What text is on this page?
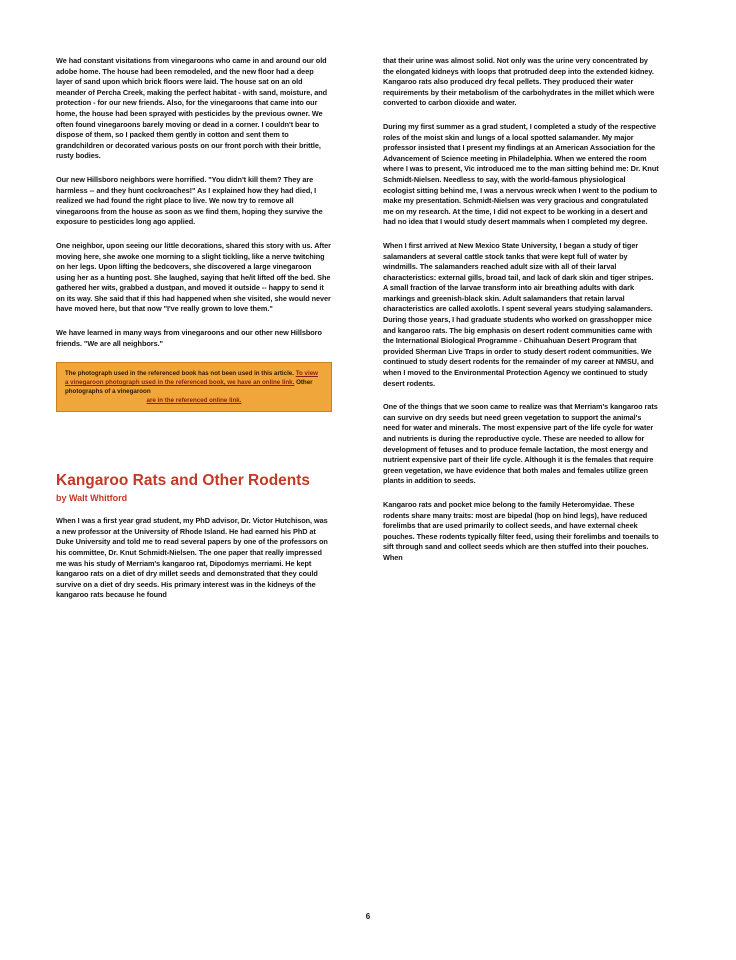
We had constant visitations from vinegaroons who came in and around our old adobe home. The house had been remodeled, and the new floor had a deep layer of sand upon which brick floors were laid. The house sat on an old meander of Percha Creek, making the perfect habitat - with sand, moisture, and protection - for our new friends. Also, for the vinegaroons that came into our home, the house had been sprayed with pesticides by the previous owner. We often found vinegaroons barely moving or dead in a corner. I couldn't bear to dispose of them, so I packed them gently in cotton and sent them to grandchildren or decorated various posts on our front porch with their brittle, rusty bodies.

Our new Hillsboro neighbors were horrified. "You didn't kill them? They are harmless -- and they hunt cockroaches!" As I explained how they had died, I realized we had found the right place to live. We now try to remove all vinegaroons from the house as soon as we find them, hoping they survive the exposure to pesticides long ago applied.

One neighbor, upon seeing our little decorations, shared this story with us. After moving here, she awoke one morning to a slight tickling, like a nerve twitching on her legs. Upon lifting the bedcovers, she discovered a large vinegaroon using her as a hunting post. She laughed, saying that he/it lifted off the bed. She gathered her wits, grabbed a dustpan, and moved it outside -- happy to send it on its way. She said that if this had happened when she visited, she would never have moved here, but that now "I've really grown to love them."

We have learned in many ways from vinegaroons and our other new Hillsboro friends. "We are all neighbors."

The photograph used in the referenced book has not been used in this article. To view a vinegaroon photograph used in the referenced book, we have an online link. Other photographs of a vinegaroon
are in the referenced online link.
Kangaroo Rats and Other Rodents
by Walt Whitford

When I was a first year grad student, my PhD advisor, Dr. Victor Hutchison, was a new professor at the University of Rhode Island. He had earned his PhD at Duke University and told me to read several papers by one of the professors on his committee, Dr. Knut Schmidt-Nielsen. The one paper that really impressed me was his study of Merriam's kangaroo rat, Dipodomys merriami. He kept kangaroo rats on a diet of dry millet seeds and demonstrated that they could survive on a diet of dry seeds. His primary interest was in the kidneys of the kangaroo rats because he found

that their urine was almost solid. Not only was the urine very concentrated by the elongated kidneys with loops that protruded deep into the extended kidney. Kangaroo rats also produced dry fecal pellets. They produced their water requirements by their metabolism of the carbohydrates in the millet which were converted to carbon dioxide and water.

During my first summer as a grad student, I completed a study of the respective roles of the moist skin and lungs of a local spotted salamander. My major professor insisted that I present my findings at an American Association for the Advancement of Science meeting in Philadelphia. When we entered the room where I was to present, Vic introduced me to the man sitting behind me: Dr. Knut Schmidt-Nielsen. Needless to say, with the world-famous physiological ecologist sitting behind me, I was a nervous wreck when I went to the podium to make my presentation. Schmidt-Nielsen was very gracious and congratulated me on my research. At the time, I did not expect to be working in a desert and had no idea that I would study desert mammals when I completed my degree.

When I first arrived at New Mexico State University, I began a study of tiger salamanders at several cattle stock tanks that were kept full of water by windmills. The salamanders reached adult size with all of their larval characteristics: external gills, broad tail, and lack of dark skin and tiger stripes. A small fraction of the larvae transform into air breathing adults with dark markings and greenish-black skin. Adult salamanders that retain larval characteristics are called axolotls. I spent several years studying salamanders. During those years, I had graduate students who worked on grasshopper mice and kangaroo rats. The big emphasis on desert rodent communities came with the International Biological Programme - Chihuahuan Desert Program that provided Sherman Live Traps in order to study desert rodent communities. We continued to study desert rodents for the remainder of my career at NMSU, and when I moved to the Environmental Protection Agency we continued to study desert rodents.

One of the things that we soon came to realize was that Merriam's kangaroo rats can survive on dry seeds but need green vegetation to support the animal's need for water and minerals. The most expensive part of the life cycle for water and nutrients is during the reproductive cycle. These are needed to allow for development of fetuses and to produce female lactation, the most energy and nutrient expensive part of their life cycle. Although it is the females that require green vegetation, we have evidence that both males and females utilize green plants in addition to seeds.

Kangaroo rats and pocket mice belong to the family Heteromyidae. These rodents share many traits: most are bipedal (hop on hind legs), have reduced forelimbs that are used primarily to collect seeds, and have external cheek pouches. These rodents typically filter feed, using their forelimbs and toenails to sift through sand and collect seeds which are then stuffed into their pouches. When

6
